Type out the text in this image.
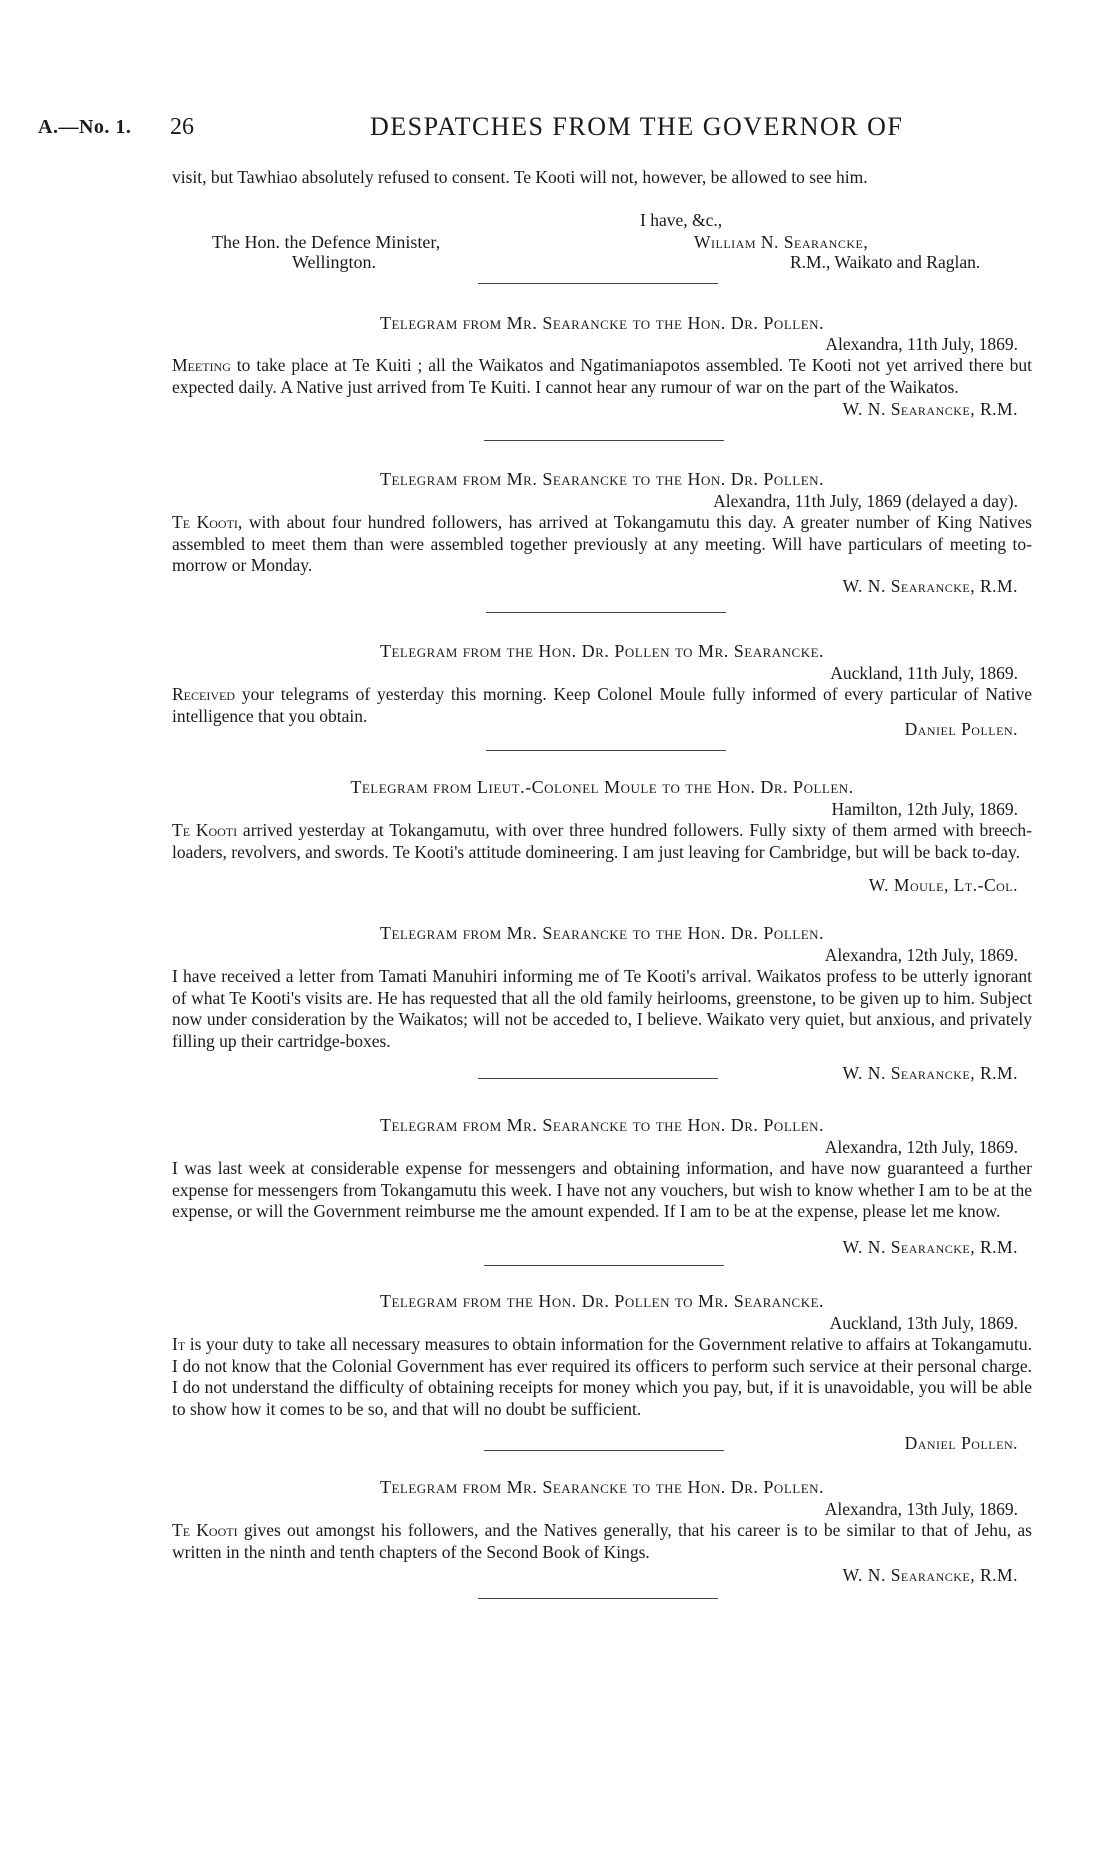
A.—No. 1. 26	DESPATCHES FROM THE GOVERNOR OF

visit, but Tawhiao absolutely refused to consent. Te Kooti will not, however, be allowed to see him.

I have, &c.,
The Hon. the Defence Minister,	William N. Searancke,
Wellington.	R.M., Waikato and Raglan.
Telegram from Mr. Searancke to the Hon. Dr. Pollen.
Alexandra, 11th July, 1869.
Meeting to take place at Te Kuiti ; all the Waikatos and Ngatimaniapotos assembled. Te Kooti not yet arrived there but expected daily. A Native just arrived from Te Kuiti. I cannot hear any rumour of war on the part of the Waikatos.
W. N. Searancke, R.M.
Telegram from Mr. Searancke to the Hon. Dr. Pollen.
Alexandra, 11th July, 1869 (delayed a day).
Te Kooti, with about four hundred followers, has arrived at Tokangamutu this day. A greater number of King Natives assembled to meet them than were assembled together previously at any meeting. Will have particulars of meeting to-morrow or Monday.
W. N. Searancke, R.M.
Telegram from the Hon. Dr. Pollen to Mr. Searancke.
Auckland, 11th July, 1869.
Received your telegrams of yesterday this morning. Keep Colonel Moule fully informed of every particular of Native intelligence that you obtain.
Daniel Pollen.
Telegram from Lieut.-Colonel Moule to the Hon. Dr. Pollen.
Hamilton, 12th July, 1869.
Te Kooti arrived yesterday at Tokangamutu, with over three hundred followers. Fully sixty of them armed with breech-loaders, revolvers, and swords. Te Kooti's attitude domineering. I am just leaving for Cambridge, but will be back to-day.
W. Moule, Lt.-Col.
Telegram from Mr. Searancke to the Hon. Dr. Pollen.
Alexandra, 12th July, 1869.
I have received a letter from Tamati Manuhiri informing me of Te Kooti's arrival. Waikatos profess to be utterly ignorant of what Te Kooti's visits are. He has requested that all the old family heirlooms, greenstone, to be given up to him. Subject now under consideration by the Waikatos; will not be acceded to, I believe. Waikato very quiet, but anxious, and privately filling up their cartridge-boxes.
W. N. Searancke, R.M.
Telegram from Mr. Searancke to the Hon. Dr. Pollen.
Alexandra, 12th July, 1869.
I was last week at considerable expense for messengers and obtaining information, and have now guaranteed a further expense for messengers from Tokangamutu this week. I have not any vouchers, but wish to know whether I am to be at the expense, or will the Government reimburse me the amount expended. If I am to be at the expense, please let me know.
W. N. Searancke, R.M.
Telegram from the Hon. Dr. Pollen to Mr. Searancke.
Auckland, 13th July, 1869.
It is your duty to take all necessary measures to obtain information for the Government relative to affairs at Tokangamutu. I do not know that the Colonial Government has ever required its officers to perform such service at their personal charge. I do not understand the difficulty of obtaining receipts for money which you pay, but, if it is unavoidable, you will be able to show how it comes to be so, and that will no doubt be sufficient.
Daniel Pollen.
Telegram from Mr. Searancke to the Hon. Dr. Pollen.
Alexandra, 13th July, 1869.
Te Kooti gives out amongst his followers, and the Natives generally, that his career is to be similar to that of Jehu, as written in the ninth and tenth chapters of the Second Book of Kings.
W. N. Searancke, R.M.
